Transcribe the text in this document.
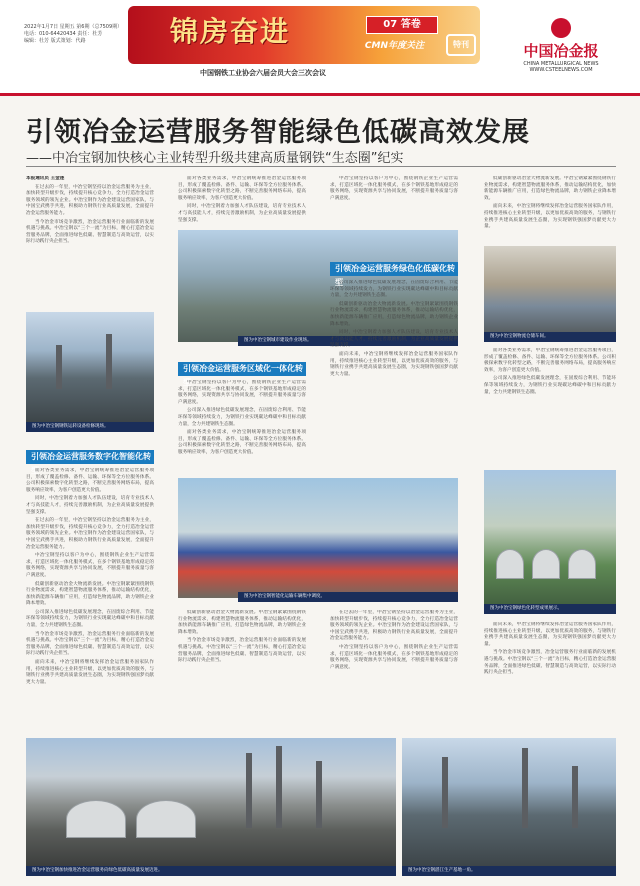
2022年1月7日 星期五 第6期（总7509期）
电话：010-64420434 责任：杜芳
编辑：杜芳 版式策划：代路	锦房奋进	07 答卷
CMN年度关注	特刊
中国钢铁工业协会六届会员大会三次会议
中国冶金报
CHINA METALLURGICAL NEWS
WWW.CSTEELNEWS.COM
引领冶金运营服务智能绿色低碳高效发展
——中冶宝钢加快核心主业转型升级共建高质量钢铁“生态圈”纪实

本报通讯员 王金莲

在过去的一年里，中冶宝钢坚持以冶金运营服务为主业，加快转型升级步伐，持续提升核心竞争力，全力打造冶金运营服务领域的领先企业。中冶宝钢作为冶金建设运营国家队，与中国宝武携手共进，积极助力钢铁行业高质量发展，全面提升冶金运营服务能力。

当今冶金市场竞争激烈，冶金运营服务行业面临新的发展机遇与挑战。中冶宝钢以“三个一流”为目标，精心打造冶金运营服务品牌，全面推进绿色低碳、智慧制造与高效运营，以实际行动践行央企担当。

图为中冶宝钢钢铁运转设备检修现场。
引领冶金运营服务数字化智能化转型

面对各类业务需求，中冶宝钢统筹推进冶金运营服务项目，形成了覆盖检修、备件、运输、环保等全方位服务体系。公司积极探索数字化转型之路，不断完善服务网络布局，提高服务响应效率，为客户创造更大价值。

同时，中冶宝钢着力加强人才队伍建设，培育专业技术人才与高技能人才，持续完善激励机制，为企业高质量发展提供坚强支撑。

在过去的一年里，中冶宝钢坚持以冶金运营服务为主业，加快转型升级步伐，持续提升核心竞争力，全力打造冶金运营服务领域的领先企业。中冶宝钢作为冶金建设运营国家队，与中国宝武携手共进，积极助力钢铁行业高质量发展，全面提升冶金运营服务能力。

中冶宝钢坚持以客户为中心，围绕钢铁企业生产运营需求，打造区域化一体化服务模式，在多个钢铁基地形成稳定的服务网络，实现资源共享与协同发展，不断提升服务质量与客户满意度。

低碳创新驱动冶金大物流新发展。中冶宝钢紧紧围绕钢铁行业物流需求，构建智慧物流服务体系，推动运输结构优化，加快新能源车辆推广应用，打造绿色物流品牌，助力钢铁企业降本增效。

公司深入推进绿色低碳发展理念，在固废综合利用、节能环保等领域持续发力，为钢铁行业实现碳达峰碳中和目标贡献力量，全力共建钢铁生态圈。

当今冶金市场竞争激烈，冶金运营服务行业面临新的发展机遇与挑战。中冶宝钢以“三个一流”为目标，精心打造冶金运营服务品牌，全面推进绿色低碳、智慧制造与高效运营，以实际行动践行央企担当。

面向未来，中冶宝钢将继续发挥冶金运营服务国家队作用，持续推进核心主业转型升级，以更加优质高效的服务，与钢铁行业携手共建高质量发展生态圈，为实现钢铁强国梦贡献更大力量。

面对各类业务需求，中冶宝钢统筹推进冶金运营服务项目，形成了覆盖检修、备件、运输、环保等全方位服务体系。公司积极探索数字化转型之路，不断完善服务网络布局，提高服务响应效率，为客户创造更大价值。

同时，中冶宝钢着力加强人才队伍建设，培育专业技术人才与高技能人才，持续完善激励机制，为企业高质量发展提供坚强支撑。

图为中冶宝钢城市建设作业现场。
引领冶金运营服务区域化一体化转型

中冶宝钢坚持以客户为中心，围绕钢铁企业生产运营需求，打造区域化一体化服务模式，在多个钢铁基地形成稳定的服务网络，实现资源共享与协同发展，不断提升服务质量与客户满意度。

公司深入推进绿色低碳发展理念，在固废综合利用、节能环保等领域持续发力，为钢铁行业实现碳达峰碳中和目标贡献力量，全力共建钢铁生态圈。

面对各类业务需求，中冶宝钢统筹推进冶金运营服务项目，形成了覆盖检修、备件、运输、环保等全方位服务体系。公司积极探索数字化转型之路，不断完善服务网络布局，提高服务响应效率，为客户创造更大价值。

图为中冶宝钢智能化运输车辆集中调度。

低碳创新驱动冶金大物流新发展。中冶宝钢紧紧围绕钢铁行业物流需求，构建智慧物流服务体系，推动运输结构优化，加快新能源车辆推广应用，打造绿色物流品牌，助力钢铁企业降本增效。

当今冶金市场竞争激烈，冶金运营服务行业面临新的发展机遇与挑战。中冶宝钢以“三个一流”为目标，精心打造冶金运营服务品牌，全面推进绿色低碳、智慧制造与高效运营，以实际行动践行央企担当。

中冶宝钢坚持以客户为中心，围绕钢铁企业生产运营需求，打造区域化一体化服务模式，在多个钢铁基地形成稳定的服务网络，实现资源共享与协同发展，不断提升服务质量与客户满意度。

引领冶金运营服务绿色化低碳化转型

公司深入推进绿色低碳发展理念，在固废综合利用、节能环保等领域持续发力，为钢铁行业实现碳达峰碳中和目标贡献力量，全力共建钢铁生态圈。

低碳创新驱动冶金大物流新发展。中冶宝钢紧紧围绕钢铁行业物流需求，构建智慧物流服务体系，推动运输结构优化，加快新能源车辆推广应用，打造绿色物流品牌，助力钢铁企业降本增效。

同时，中冶宝钢着力加强人才队伍建设，培育专业技术人才与高技能人才，持续完善激励机制，为企业高质量发展提供坚强支撑。

面向未来，中冶宝钢将继续发挥冶金运营服务国家队作用，持续推进核心主业转型升级，以更加优质高效的服务，与钢铁行业携手共建高质量发展生态圈，为实现钢铁强国梦贡献更大力量。

在过去的一年里，中冶宝钢坚持以冶金运营服务为主业，加快转型升级步伐，持续提升核心竞争力，全力打造冶金运营服务领域的领先企业。中冶宝钢作为冶金建设运营国家队，与中国宝武携手共进，积极助力钢铁行业高质量发展，全面提升冶金运营服务能力。

中冶宝钢坚持以客户为中心，围绕钢铁企业生产运营需求，打造区域化一体化服务模式，在多个钢铁基地形成稳定的服务网络，实现资源共享与协同发展，不断提升服务质量与客户满意度。

低碳创新驱动冶金大物流新发展。中冶宝钢紧紧围绕钢铁行业物流需求，构建智慧物流服务体系，推动运输结构优化，加快新能源车辆推广应用，打造绿色物流品牌，助力钢铁企业降本增效。

面向未来，中冶宝钢将继续发挥冶金运营服务国家队作用，持续推进核心主业转型升级，以更加优质高效的服务，与钢铁行业携手共建高质量发展生态圈，为实现钢铁强国梦贡献更大力量。

图为中冶宝钢物流仓储车间。

面对各类业务需求，中冶宝钢统筹推进冶金运营服务项目，形成了覆盖检修、备件、运输、环保等全方位服务体系。公司积极探索数字化转型之路，不断完善服务网络布局，提高服务响应效率，为客户创造更大价值。

公司深入推进绿色低碳发展理念，在固废综合利用、节能环保等领域持续发力，为钢铁行业实现碳达峰碳中和目标贡献力量，全力共建钢铁生态圈。

图为中冶宝钢绿色化转型成果展示。

面向未来，中冶宝钢将继续发挥冶金运营服务国家队作用，持续推进核心主业转型升级，以更加优质高效的服务，与钢铁行业携手共建高质量发展生态圈，为实现钢铁强国梦贡献更大力量。

当今冶金市场竞争激烈，冶金运营服务行业面临新的发展机遇与挑战。中冶宝钢以“三个一流”为目标，精心打造冶金运营服务品牌，全面推进绿色低碳、智慧制造与高效运营，以实际行动践行央企担当。

图为中冶宝钢加快推进冶金运营服务向绿色低碳高质量发展迈进。	图为中冶宝钢湛江生产基地一角。
